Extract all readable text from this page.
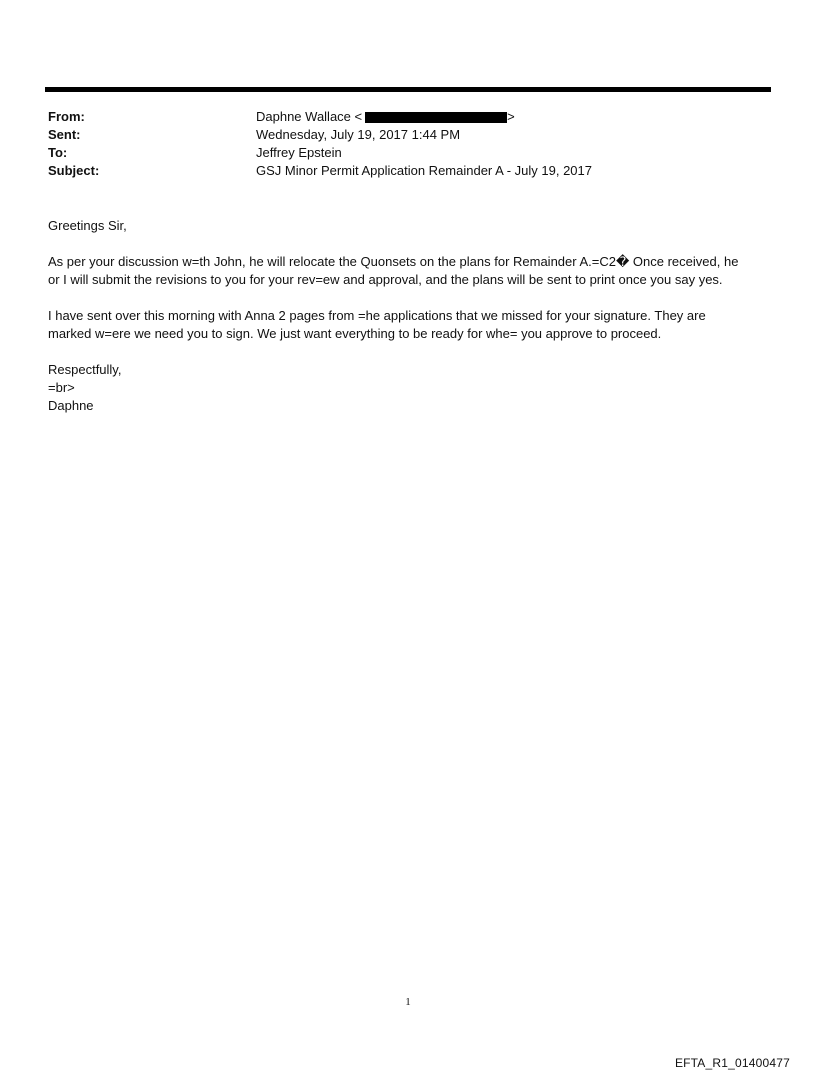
From:	Daphne Wallace <	>
Sent:	Wednesday, July 19, 2017 1:44 PM
To:	Jeffrey Epstein
Subject:	GSJ Minor Permit Application Remainder A - July 19, 2017

Greetings Sir,

As per your discussion w=th John, he will relocate the Quonsets on the plans for Remainder A.=C2� Once received, he
or I will submit the revisions to you for your rev=ew and approval, and the plans will be sent to print once you say yes.

I have sent over this morning with Anna 2 pages from =he applications that we missed for your signature. They are
marked w=ere we need you to sign. We just want everything to be ready for whe= you approve to proceed.

Respectfully,
=br>
Daphne

1
EFTA_R1_01400477
